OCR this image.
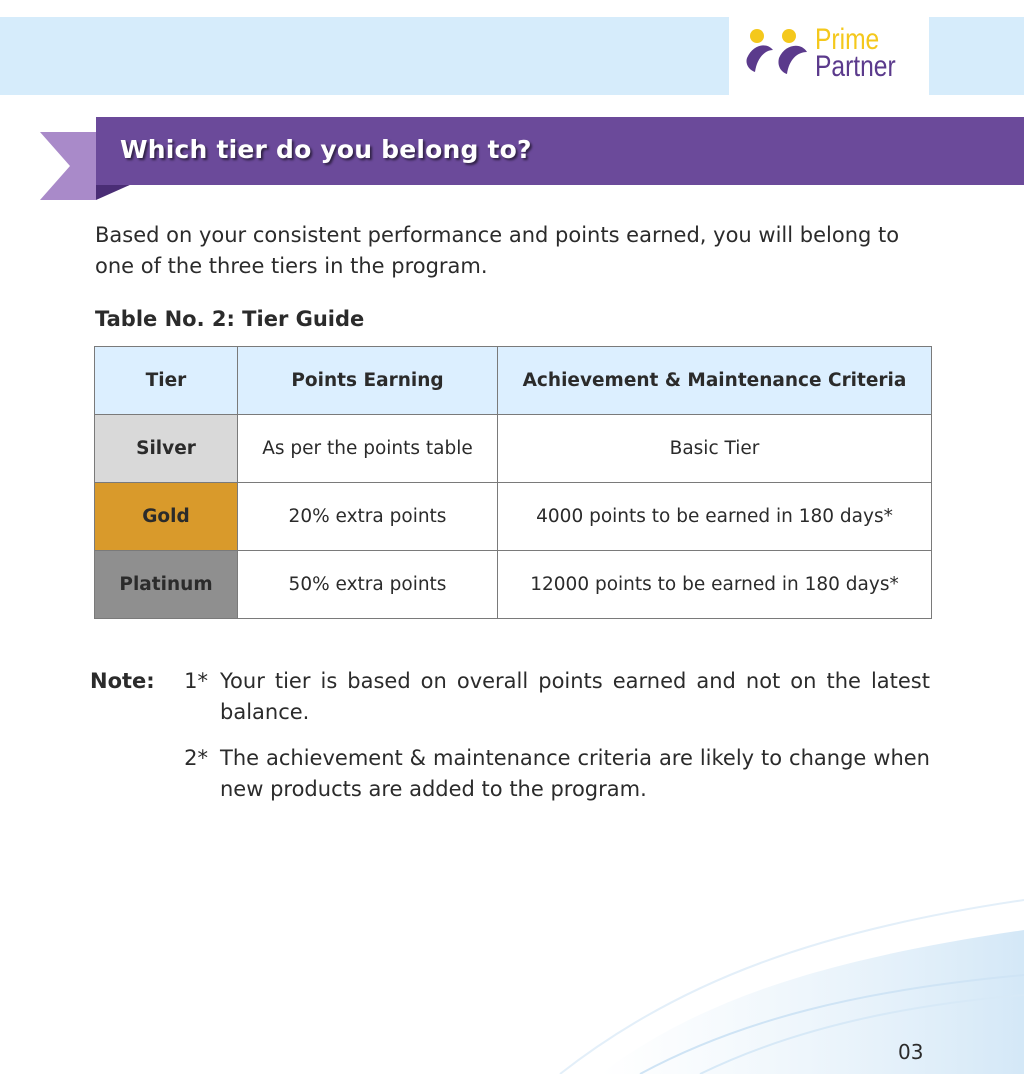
Prime
Partner
Which tier do you belong to?
Based on your consistent performance and points earned, you will belong to one of the three tiers in the program.
Table No. 2: Tier Guide
Tier	Points Earning	Achievement & Maintenance Criteria
Silver	As per the points table	Basic Tier
Gold	20% extra points	4000 points to be earned in 180 days*
Platinum	50% extra points	12000 points to be earned in 180 days*
Note:	1* Your tier is based on overall points earned and not on the latest balance.
2* The achievement & maintenance criteria are likely to change when new products are added to the program.
03
